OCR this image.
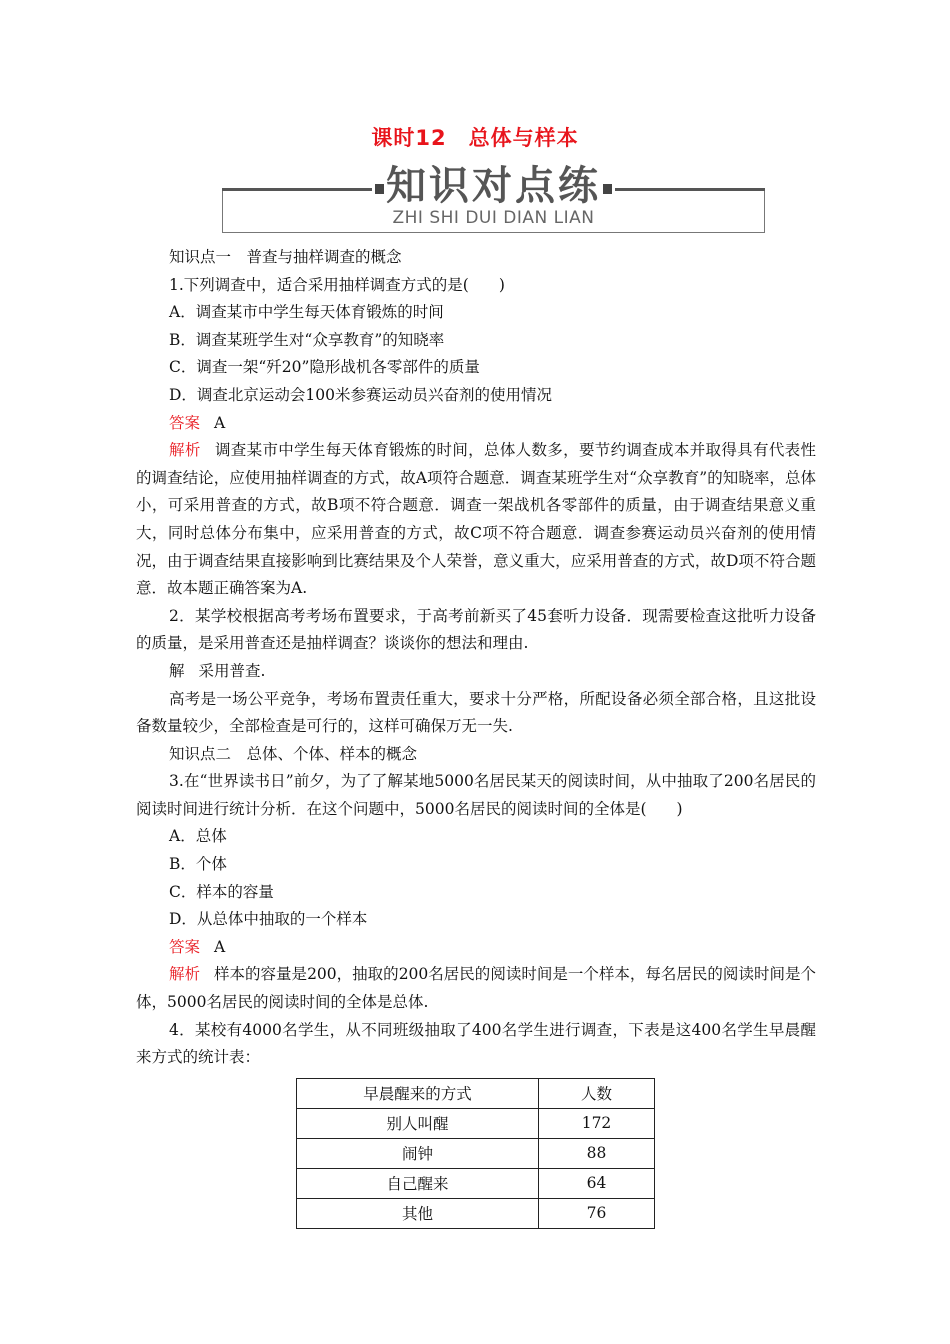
课时12 总体与样本
知识对点练
ZHI SHI DUI DIAN LIAN
知识点一　普查与抽样调查的概念
1.下列调查中，适合采用抽样调查方式的是( )
A．调查某市中学生每天体育锻炼的时间
B．调查某班学生对“众享教育”的知晓率
C．调查一架“歼20”隐形战机各零部件的质量
D．调查北京运动会100米参赛运动员兴奋剂的使用情况
答案 A
解析 调查某市中学生每天体育锻炼的时间，总体人数多，要节约调查成本并取得具有代表性的调查结论，应使用抽样调查的方式，故A项符合题意．调查某班学生对“众享教育”的知晓率，总体小，可采用普查的方式，故B项不符合题意．调查一架战机各零部件的质量，由于调查结果意义重大，同时总体分布集中，应采用普查的方式，故C项不符合题意．调查参赛运动员兴奋剂的使用情况，由于调查结果直接影响到比赛结果及个人荣誉，意义重大，应采用普查的方式，故D项不符合题意．故本题正确答案为A.
2．某学校根据高考考场布置要求，于高考前新买了45套听力设备．现需要检查这批听力设备的质量，是采用普查还是抽样调查？谈谈你的想法和理由.
解 采用普查.
高考是一场公平竞争，考场布置责任重大，要求十分严格，所配设备必须全部合格，且这批设备数量较少，全部检查是可行的，这样可确保万无一失.
知识点二　总体、个体、样本的概念
3.在“世界读书日”前夕，为了了解某地5000名居民某天的阅读时间，从中抽取了200名居民的阅读时间进行统计分析．在这个问题中，5000名居民的阅读时间的全体是( )
A．总体
B．个体
C．样本的容量
D．从总体中抽取的一个样本
答案 A
解析 样本的容量是200，抽取的200名居民的阅读时间是一个样本，每名居民的阅读时间是个体，5000名居民的阅读时间的全体是总体.
4．某校有4000名学生，从不同班级抽取了400名学生进行调查，下表是这400名学生早晨醒来方式的统计表：
早晨醒来的方式	人数
别人叫醒	172
闹钟	88
自己醒来	64
其他	76
